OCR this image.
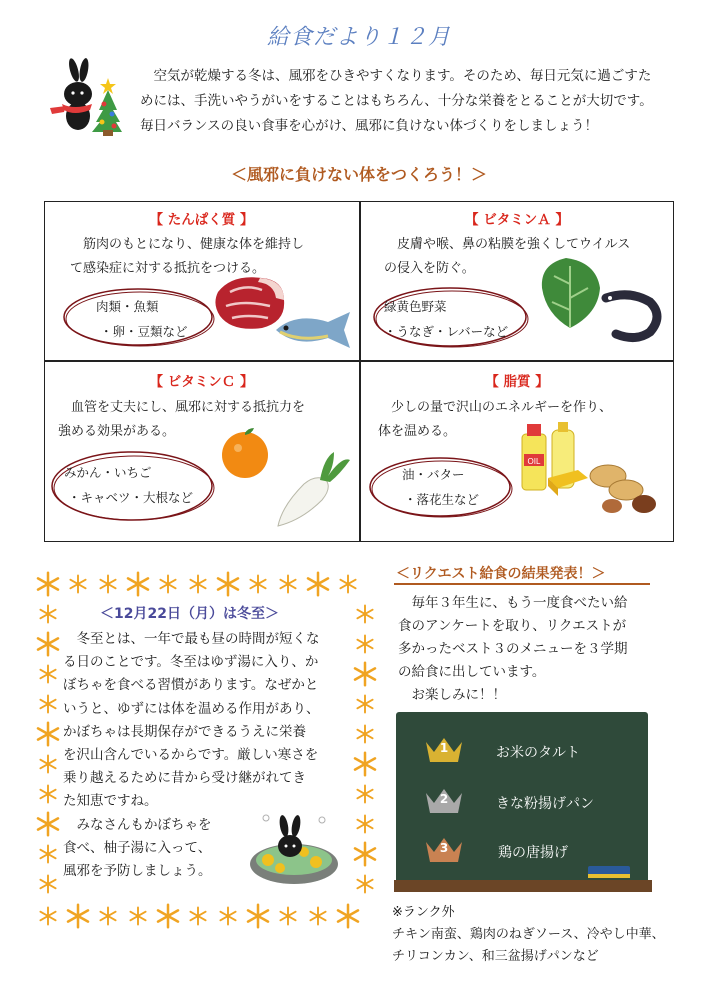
給食だより１２月

空気が乾燥する冬は、風邪をひきやすくなります。そのため、毎日元気に過ごすた

めには、手洗いやうがいをすることはもちろん、十分な栄養をとることが大切です。

毎日バランスの良い食事を心がけ、風邪に負けない体づくりをしましょう！

＜風邪に負けない体をつくろう！＞
【 たんぱく質 】
筋肉のもとになり、健康な体を維持し
て感染症に対する抵抗をつける。
肉類・魚類
・卵・豆類など
【 ビタミンＡ 】
皮膚や喉、鼻の粘膜を強くしてウイルス
の侵入を防ぐ。
緑黄色野菜
・うなぎ・レバーなど
【 ビタミンＣ 】
血管を丈夫にし、風邪に対する抵抗力を
強める効果がある。
みかん・いちご
・キャベツ・大根など
【 脂質 】
少しの量で沢山のエネルギーを作り、
体を温める。
油・バター
・落花生など
OIL
＜12月22日（月）は冬至＞

冬至とは、一年で最も昼の時間が短くな

る日のことです。冬至はゆず湯に入り、か

ぼちゃを食べる習慣があります。なぜかと

いうと、ゆずには体を温める作用があり、

かぼちゃは長期保存ができるうえに栄養

を沢山含んでいるからです。厳しい寒さを

乗り越えるために昔から受け継がれてき

た知恵ですね。

みなさんもかぼちゃを

食べ、柚子湯に入って、

風邪を予防しましょう。

＜リクエスト給食の結果発表！＞

毎年３年生に、もう一度食べたい給

食のアンケートを取り、リクエストが

多かったベスト３のメニューを３学期

の給食に出しています。

お楽しみに！！

1
2
3
お米のタルト
きな粉揚げパン
鶏の唐揚げ

※ランク外

チキン南蛮、鶏肉のねぎソース、冷やし中華、

チリコンカン、和三盆揚げパンなど
